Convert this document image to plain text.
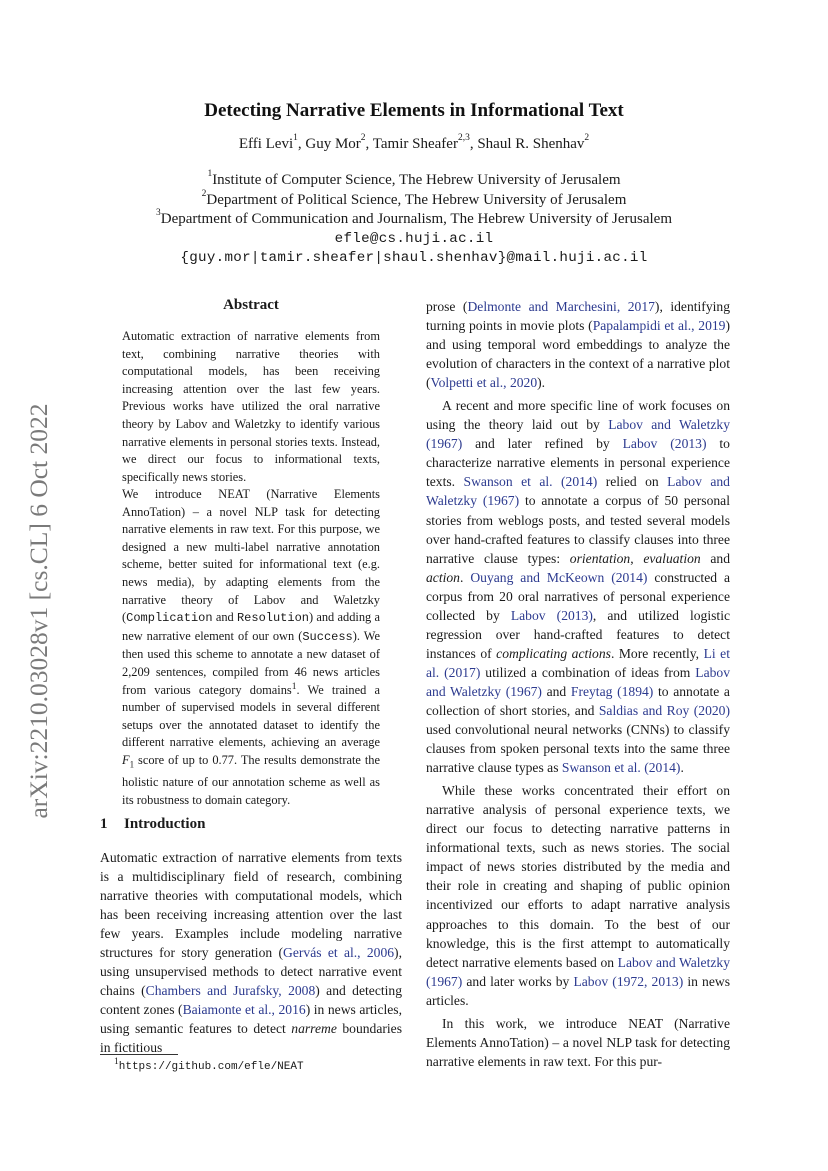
arXiv:2210.03028v1 [cs.CL] 6 Oct 2022
Detecting Narrative Elements in Informational Text
Effi Levi$^1$, Guy Mor$^2$, Tamir Sheafer$^{2,3}$, Shaul R. Shenhav$^2$
$^1$Institute of Computer Science, The Hebrew University of Jerusalem
$^2$Department of Political Science, The Hebrew University of Jerusalem
$^3$Department of Communication and Journalism, The Hebrew University of Jerusalem
efle@cs.huji.ac.il
{guy.mor|tamir.sheafer|shaul.shenhav}@mail.huji.ac.il
Abstract

Automatic extraction of narrative elements from text, combining narrative theories with computational models, has been receiving increasing attention over the last few years. Previous works have utilized the oral narrative theory by Labov and Waletzky to identify various narrative elements in personal stories texts. Instead, we direct our focus to informational texts, specifically news stories.

We introduce NEAT (Narrative Elements AnnoTation) – a novel NLP task for detecting narrative elements in raw text. For this purpose, we designed a new multi-label narrative annotation scheme, better suited for informational text (e.g. news media), by adapting elements from the narrative theory of Labov and Waletzky (Complication and Resolution) and adding a new narrative element of our own (Success). We then used this scheme to annotate a new dataset of 2,209 sentences, compiled from 46 news articles from various category domains$^1$. We trained a number of supervised models in several different setups over the annotated dataset to identify the different narrative elements, achieving an average $F_1$ score of up to 0.77. The results demonstrate the holistic nature of our annotation scheme as well as its robustness to domain category.

1 Introduction

Automatic extraction of narrative elements from texts is a multidisciplinary field of research, combining narrative theories with computational models, which has been receiving increasing attention over the last few years. Examples include modeling narrative structures for story generation (Gervás et al., 2006), using unsupervised methods to detect narrative event chains (Chambers and Jurafsky, 2008) and detecting content zones (Baiamonte et al., 2016) in news articles, using semantic features to detect narreme boundaries in fictitious

prose (Delmonte and Marchesini, 2017), identifying turning points in movie plots (Papalampidi et al., 2019) and using temporal word embeddings to analyze the evolution of characters in the context of a narrative plot (Volpetti et al., 2020).

A recent and more specific line of work focuses on using the theory laid out by Labov and Waletzky (1967) and later refined by Labov (2013) to characterize narrative elements in personal experience texts. Swanson et al. (2014) relied on Labov and Waletzky (1967) to annotate a corpus of 50 personal stories from weblogs posts, and tested several models over hand-crafted features to classify clauses into three narrative clause types: orientation, evaluation and action. Ouyang and McKeown (2014) constructed a corpus from 20 oral narratives of personal experience collected by Labov (2013), and utilized logistic regression over hand-crafted features to detect instances of complicating actions. More recently, Li et al. (2017) utilized a combination of ideas from Labov and Waletzky (1967) and Freytag (1894) to annotate a collection of short stories, and Saldias and Roy (2020) used convolutional neural networks (CNNs) to classify clauses from spoken personal texts into the same three narrative clause types as Swanson et al. (2014).

While these works concentrated their effort on narrative analysis of personal experience texts, we direct our focus to detecting narrative patterns in informational texts, such as news stories. The social impact of news stories distributed by the media and their role in creating and shaping of public opinion incentivized our efforts to adapt narrative analysis approaches to this domain. To the best of our knowledge, this is the first attempt to automatically detect narrative elements based on Labov and Waletzky (1967) and later works by Labov (1972, 2013) in news articles.

In this work, we introduce NEAT (Narrative Elements AnnoTation) – a novel NLP task for detecting narrative elements in raw text. For this pur-

$^1$https://github.com/efle/NEAT
